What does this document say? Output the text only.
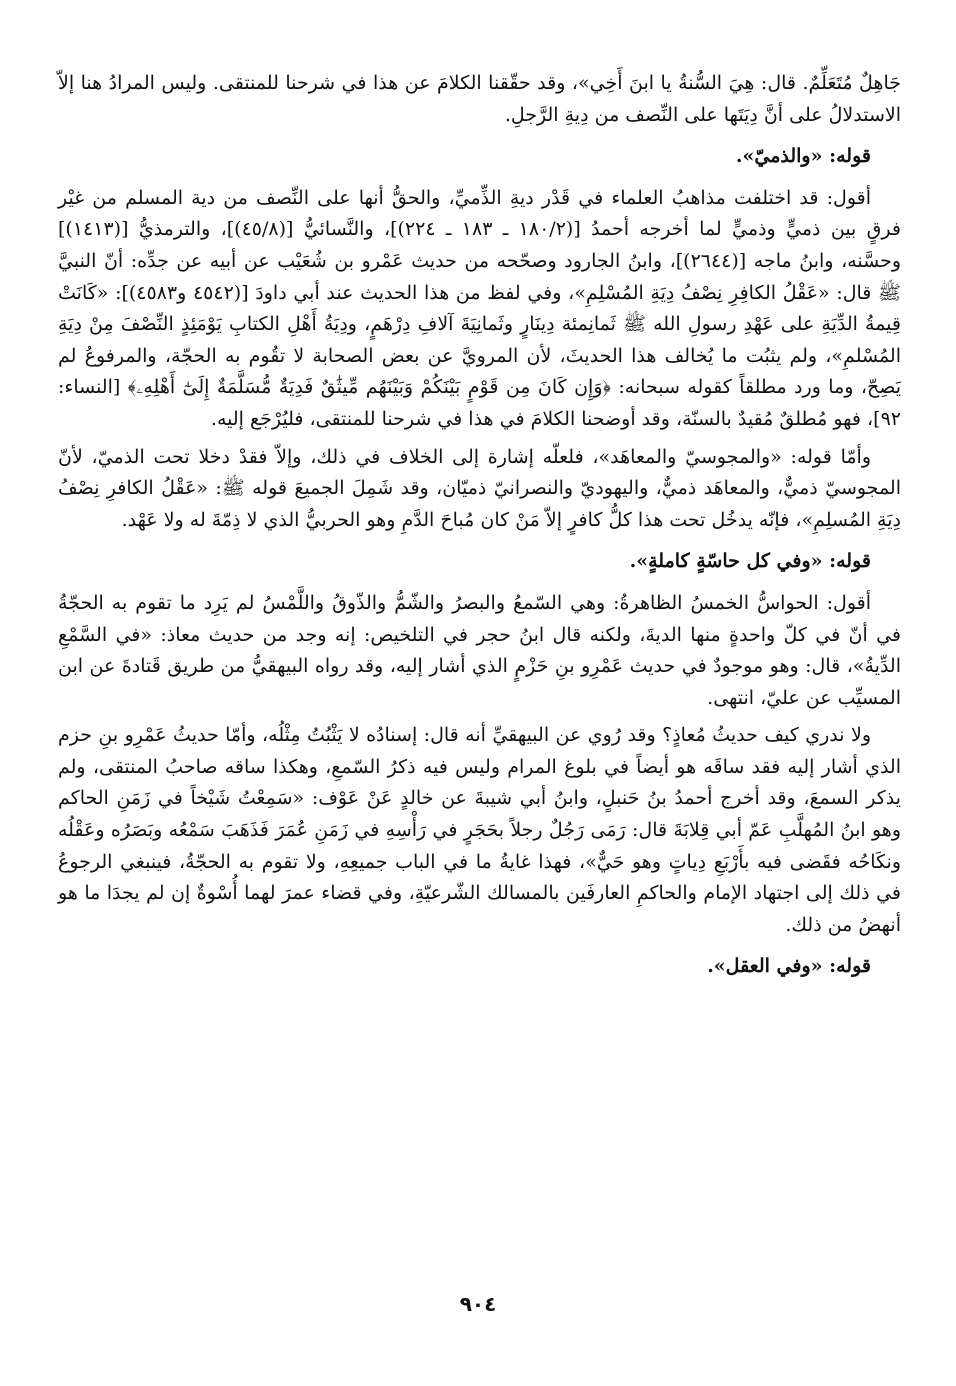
جَاهِلٌ مُتَعَلِّمٌ. قال: هِيَ السُّنةُ يا ابنَ أَخِي»، وقد حقّقنا الكلامَ عن هذا في شرحنا للمنتقى. وليس المرادُ هنا إلاّ الاستدلالُ على أنَّ دِيَتَها على النِّصف من دِيةِ الرَّجلِ.

قوله: «والذميّ».

أقول: قد اختلفت مذاهبُ العلماء في قَدْر ديةِ الذِّميِّ، والحقُّ أنها على النِّصف من دية المسلم من غيْر فرقٍ بين ذميٍّ وذميٍّ لما أخرجه أحمدُ [(١٨٠/٢ ـ ١٨٣ ـ ٢٢٤)]، والنَّسائيُّ [(٤٥/٨)]، والترمذيُّ [(١٤١٣)] وحسَّنه، وابنُ ماجه [(٢٦٤٤)]، وابنُ الجارود وصحّحه من حديث عَمْرو بن شُعَيْب عن أبيه عن جدِّه: أنّ النبيَّ ﷺ قال: «عَقْلُ الكافِرِ نِصْفُ دِيَةِ المُسْلِمِ»، وفي لفظ من هذا الحديث عند أبي داودَ [(٤٥٤٢ و٤٥٨٣)]: «كَانَتْ قِيمةُ الدِّيَةِ على عَهْدِ رسولِ الله ﷺ ثَمانِمئة دِينَارٍ وثَمانِيَةَ آلافِ دِرْهَمٍ، ودِيَةُ أَهْلِ الكتابِ يَوْمَئِذٍ النِّصْفَ مِنْ دِيَةِ المُسْلمِ»، ولم يثبُت ما يُخالف هذا الحديثَ، لأن المرويَّ عن بعض الصحابة لا تقُوم به الحجّة، والمرفوعُ لم يَصِحّ، وما ورد مطلقاً كقوله سبحانه: ﴿وَإِن كَانَ مِن قَوْمٍ بَيْنَكُمْ وَبَيْنَهُم مِّيثَٰقٌ فَدِيَةٌ مُّسَلَّمَةٌ إِلَىٰٓ أَهْلِهِۦ﴾ [النساء: ٩٢]، فهو مُطلقٌ مُقيدٌ بالسنّة، وقد أوضحنا الكلامَ في هذا في شرحنا للمنتقى، فليُرْجَع إليه.

وأمّا قوله: «والمجوسيّ والمعاهَد»، فلعلّه إشارة إلى الخلاف في ذلك، وإلاّ فقدْ دخلا تحت الذميّ، لأنّ المجوسيّ ذميٌّ، والمعاهَد ذميٌّ، واليهوديّ والنصرانيّ ذميّان، وقد شَمِلَ الجميعَ قوله ﷺ: «عَقْلُ الكافرِ نِصْفُ دِيَةِ المُسلِمِ»، فإنّه يدخُل تحت هذا كلُّ كافرٍ إلاّ مَنْ كان مُباحَ الدَّمِ وهو الحربيُّ الذي لا ذِمّةَ له ولا عَهْد.

قوله: «وفي كل حاسّةٍ كاملةٍ».

أقول: الحواسُّ الخمسُ الظاهرةُ: وهي السّمعُ والبصرُ والشّمُّ والذّوقُ واللَّمْسُ لم يَرِد ما تقوم به الحجّةُ في أنّ في كلّ واحدةٍ منها الديةَ، ولكنه قال ابنُ حجر في التلخيص: إنه وجد من حديث معاذ: «في السَّمْعِ الدِّيةُ»، قال: وهو موجودٌ في حديث عَمْرِو بنِ حَزْمٍ الذي أشار إليه، وقد رواه البيهقيُّ من طريق قَتادةَ عن ابن المسيِّب عن عليّ، انتهى.

ولا ندري كيف حديثُ مُعاذٍ؟ وقد رُوي عن البيهقيِّ أنه قال: إسنادُه لا يَثْبُتُ مِثْلُه، وأمّا حديثُ عَمْرِو بنِ حزم الذي أشار إليه فقد ساقَه هو أيضاً في بلوغ المرام وليس فيه ذكرُ السّمعِ، وهكذا ساقه صاحبُ المنتقى، ولم يذكر السمعَ، وقد أخرج أحمدُ بنُ حَنبلٍ، وابنُ أبي شيبةَ عن خالدٍ عَنْ عَوْف: «سَمِعْتُ شَيْخاً في زَمَنِ الحاكم وهو ابنُ المُهلَّبِ عَمّ أبي قِلابَةَ قال: رَمَى رَجُلٌ رجلاً بحَجَرٍ في رَأْسِهِ في زَمَنِ عُمَرَ فَذَهَبَ سَمْعُه وبَصَرُه وعَقْلُه ونكَاحُه فقَضى فيه بأَرْبَعِ دِياتٍ وهو حَيٌّ»، فهذا غايةُ ما في الباب جميعِهِ، ولا تقوم به الحجّةُ، فينبغي الرجوعُ في ذلك إلى اجتهاد الإمام والحاكمِ العارفَين بالمسالك الشّرعيّةِ، وفي قضاء عمرَ لهما أُسْوةٌ إن لم يجدَا ما هو أنهضُ من ذلك.

قوله: «وفي العقل».

٩٠٤
